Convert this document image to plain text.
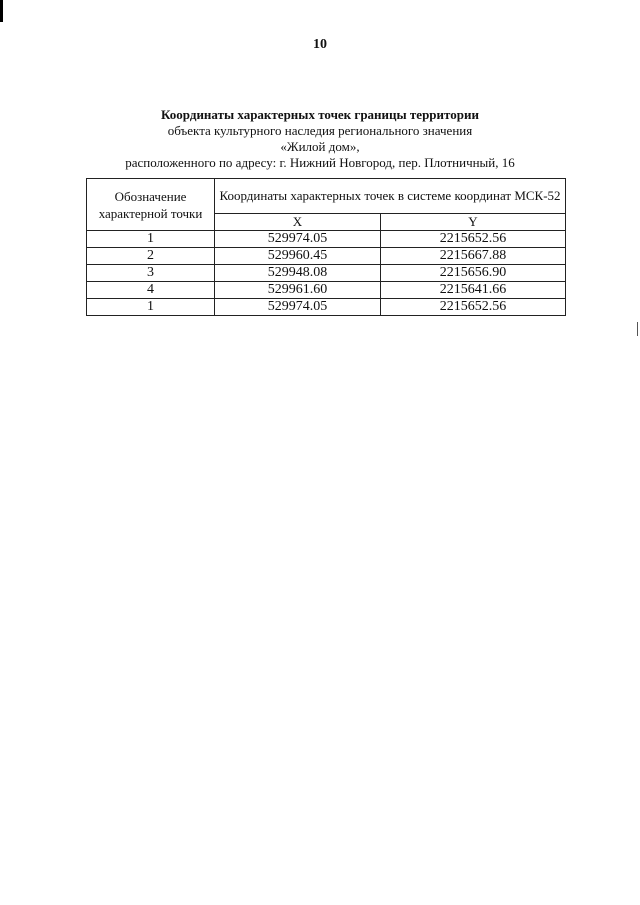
10
Координаты характерных точек границы территории
объекта культурного наследия регионального значения
«Жилой дом»,
расположенного по адресу: г. Нижний Новгород, пер. Плотничный, 16
Обозначение характерной точки	Координаты характерных точек в системе координат МСК-52	
	X	Y
1	529974.05	2215652.56
2	529960.45	2215667.88
3	529948.08	2215656.90
4	529961.60	2215641.66
1	529974.05	2215652.56
